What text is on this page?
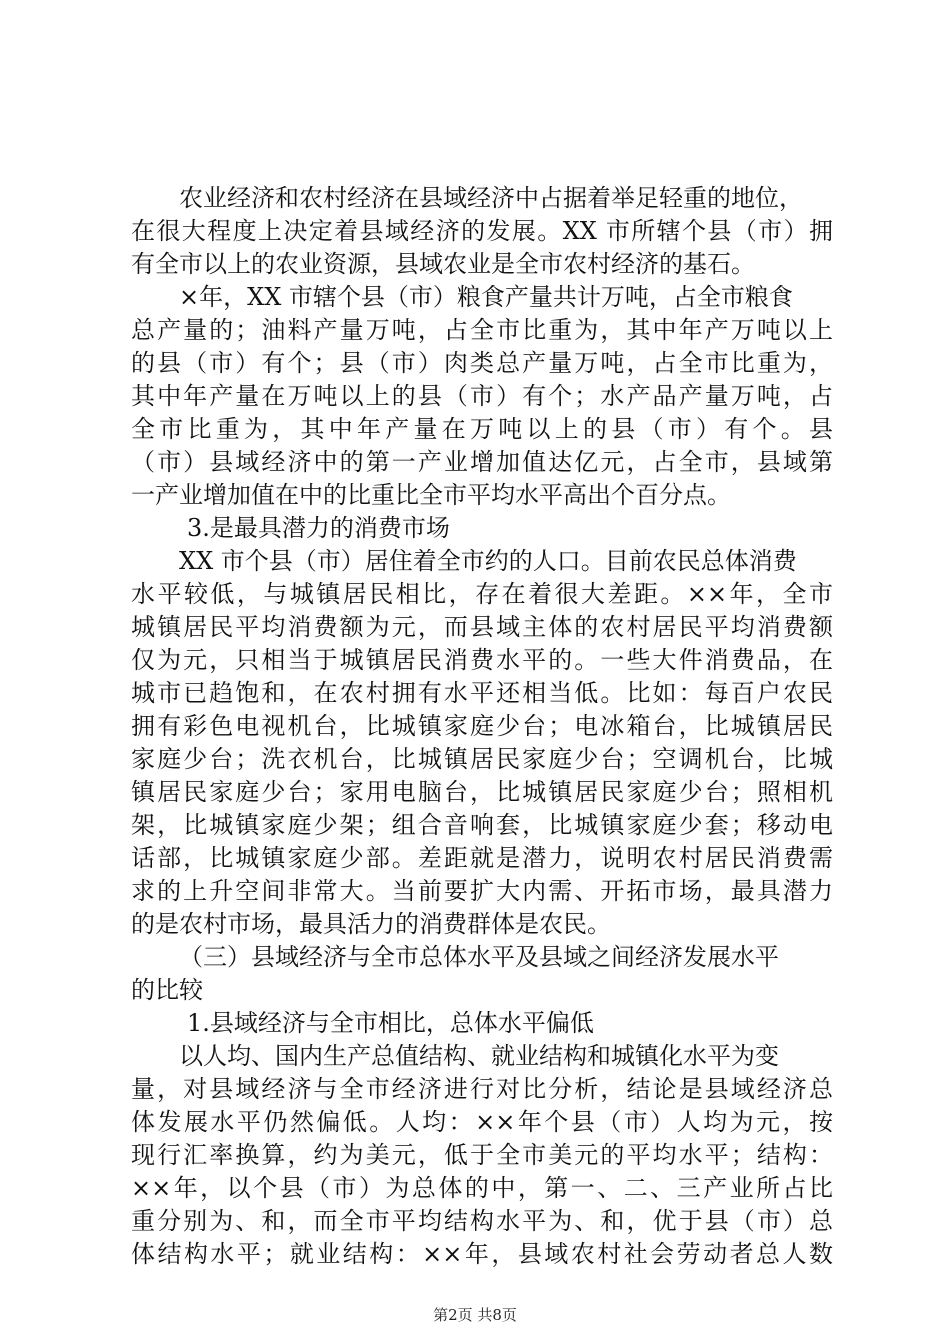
农业经济和农村经济在县域经济中占据着举足轻重的地位，
在很大程度上决定着县域经济的发展。XX 市所辖个县（市）拥
有全市以上的农业资源，县域农业是全市农村经济的基石。
×年，XX 市辖个县（市）粮食产量共计万吨，占全市粮食
总产量的；油料产量万吨，占全市比重为，其中年产万吨以上
的县（市）有个；县（市）肉类总产量万吨，占全市比重为，
其中年产量在万吨以上的县（市）有个；水产品产量万吨，占
全市比重为，其中年产量在万吨以上的县（市）有个。县
（市）县域经济中的第一产业增加值达亿元，占全市，县域第
一产业增加值在中的比重比全市平均水平高出个百分点。
3.是最具潜力的消费市场
XX 市个县（市）居住着全市约的人口。目前农民总体消费
水平较低，与城镇居民相比，存在着很大差距。××年，全市
城镇居民平均消费额为元，而县域主体的农村居民平均消费额
仅为元，只相当于城镇居民消费水平的。一些大件消费品，在
城市已趋饱和，在农村拥有水平还相当低。比如：每百户农民
拥有彩色电视机台，比城镇家庭少台；电冰箱台，比城镇居民
家庭少台；洗衣机台，比城镇居民家庭少台；空调机台，比城
镇居民家庭少台；家用电脑台，比城镇居民家庭少台；照相机
架，比城镇家庭少架；组合音响套，比城镇家庭少套；移动电
话部，比城镇家庭少部。差距就是潜力，说明农村居民消费需
求的上升空间非常大。当前要扩大内需、开拓市场，最具潜力
的是农村市场，最具活力的消费群体是农民。
（三）县域经济与全市总体水平及县域之间经济发展水平
的比较
1.县域经济与全市相比，总体水平偏低
以人均、国内生产总值结构、就业结构和城镇化水平为变
量，对县域经济与全市经济进行对比分析，结论是县域经济总
体发展水平仍然偏低。人均：××年个县（市）人均为元，按
现行汇率换算，约为美元，低于全市美元的平均水平；结构：
××年，以个县（市）为总体的中，第一、二、三产业所占比
重分别为、和，而全市平均结构水平为、和，优于县（市）总
体结构水平；就业结构：××年，县域农村社会劳动者总人数
第2页 共8页
